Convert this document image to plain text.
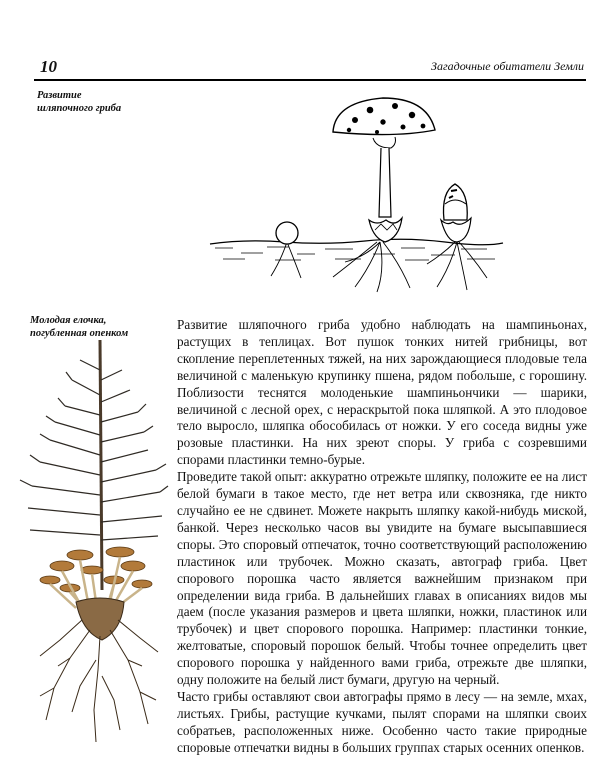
10	Загадочные обитатели Земли
Развитие
шляпочного гриба
Молодая елочка,
погубленная опенком

Развитие шляпочного гриба удобно наблюдать на шампиньонах, растущих в теплицах. Вот пушок тонких нитей грибницы, вот скопление переплетенных тяжей, на них зарождающиеся плодовые тела величиной с маленькую крупинку пшена, рядом побольше, с горошину. Поблизости теснятся молоденькие шампиньончики — шарики, величиной с лесной орех, с нераскрытой пока шляпкой. А это плодовое тело выросло, шляпка обособилась от ножки. У его соседа видны уже розовые пластинки. На них зреют споры. У гриба с созревшими спорами пластинки темно-бурые.

Проведите такой опыт: аккуратно отрежьте шляпку, положите ее на лист белой бумаги в такое место, где нет ветра или сквозняка, где никто случайно ее не сдвинет. Можете накрыть шляпку какой-нибудь миской, банкой. Через несколько часов вы увидите на бумаге высыпавшиеся споры. Это споровый отпечаток, точно соответствующий расположению пластинок или трубочек. Можно сказать, автограф гриба. Цвет спорового порошка часто является важнейшим признаком при определении вида гриба. В дальнейших главах в описаниях видов мы даем (после указания размеров и цвета шляпки, ножки, пластинок или трубочек) и цвет спорового порошка. Например: пластинки тонкие, желтоватые, споровый порошок белый. Чтобы точнее определить цвет спорового порошка у найденного вами гриба, отрежьте две шляпки, одну положите на белый лист бумаги, другую на черный.

Часто грибы оставляют свои автографы прямо в лесу — на земле, мхах, листьях. Грибы, растущие кучками, пылят спорами на шляпки своих собратьев, расположенных ниже. Особенно часто такие природные споровые отпечатки видны в больших группах старых осенних опенков.
